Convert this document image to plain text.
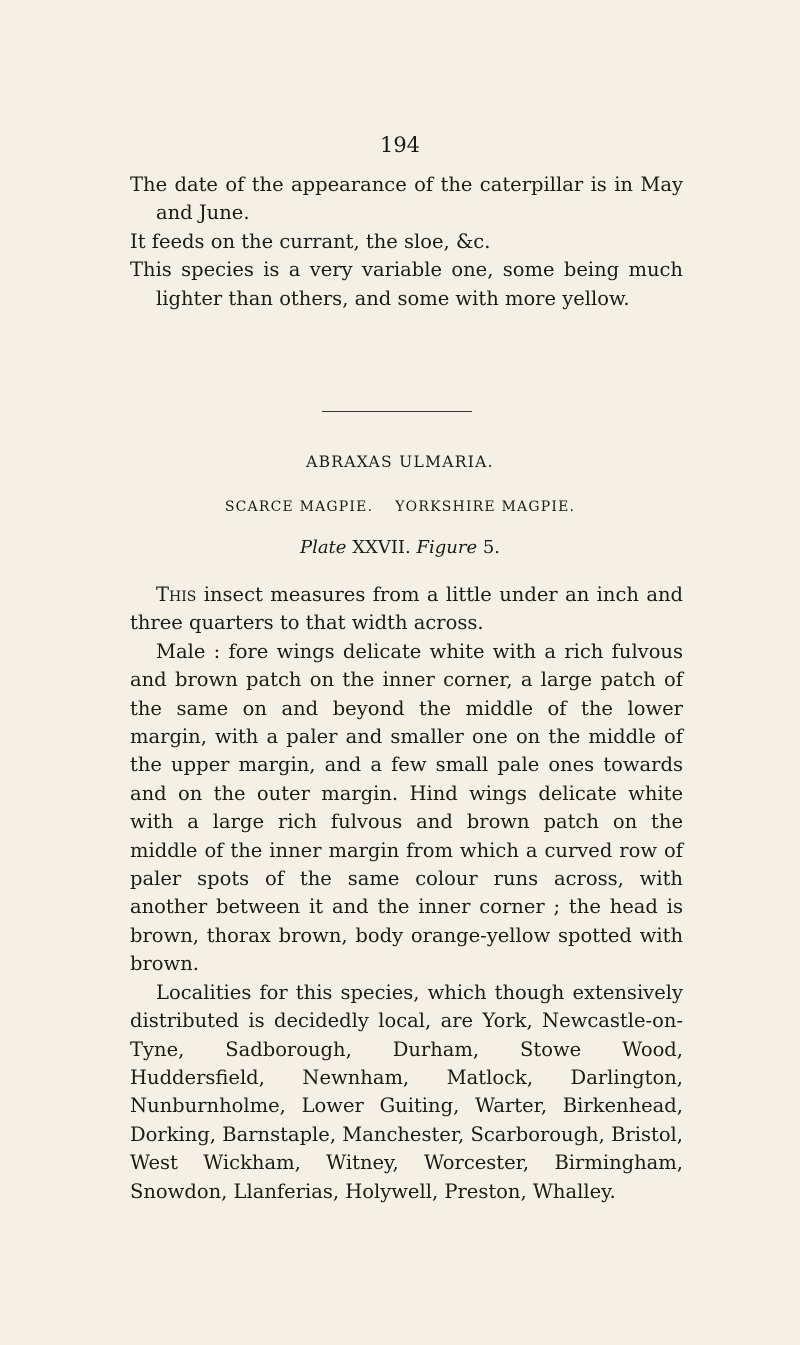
194

The date of the appearance of the caterpillar is in May and June.

It feeds on the currant, the sloe, &c.

This species is a very variable one, some being much lighter than others, and some with more yellow.

ABRAXAS ULMARIA.
SCARCE MAGPIE. YORKSHIRE MAGPIE.
Plate XXVII. Figure 5.

This insect measures from a little under an inch and three quarters to that width across.

Male : fore wings delicate white with a rich fulvous and brown patch on the inner corner, a large patch of the same on and beyond the middle of the lower margin, with a paler and smaller one on the middle of the upper margin, and a few small pale ones towards and on the outer margin. Hind wings delicate white with a large rich fulvous and brown patch on the middle of the inner margin from which a curved row of paler spots of the same colour runs across, with another between it and the inner corner ; the head is brown, thorax brown, body orange-yellow spotted with brown.

Localities for this species, which though extensively distributed is decidedly local, are York, Newcastle-on-Tyne, Sadborough, Durham, Stowe Wood, Huddersfield, Newnham, Matlock, Darlington, Nunburnholme, Lower Guiting, Warter, Birkenhead, Dorking, Barnstaple, Manchester, Scarborough, Bristol, West Wickham, Witney, Worcester, Birmingham, Snowdon, Llanferias, Holywell, Preston, Whalley.
